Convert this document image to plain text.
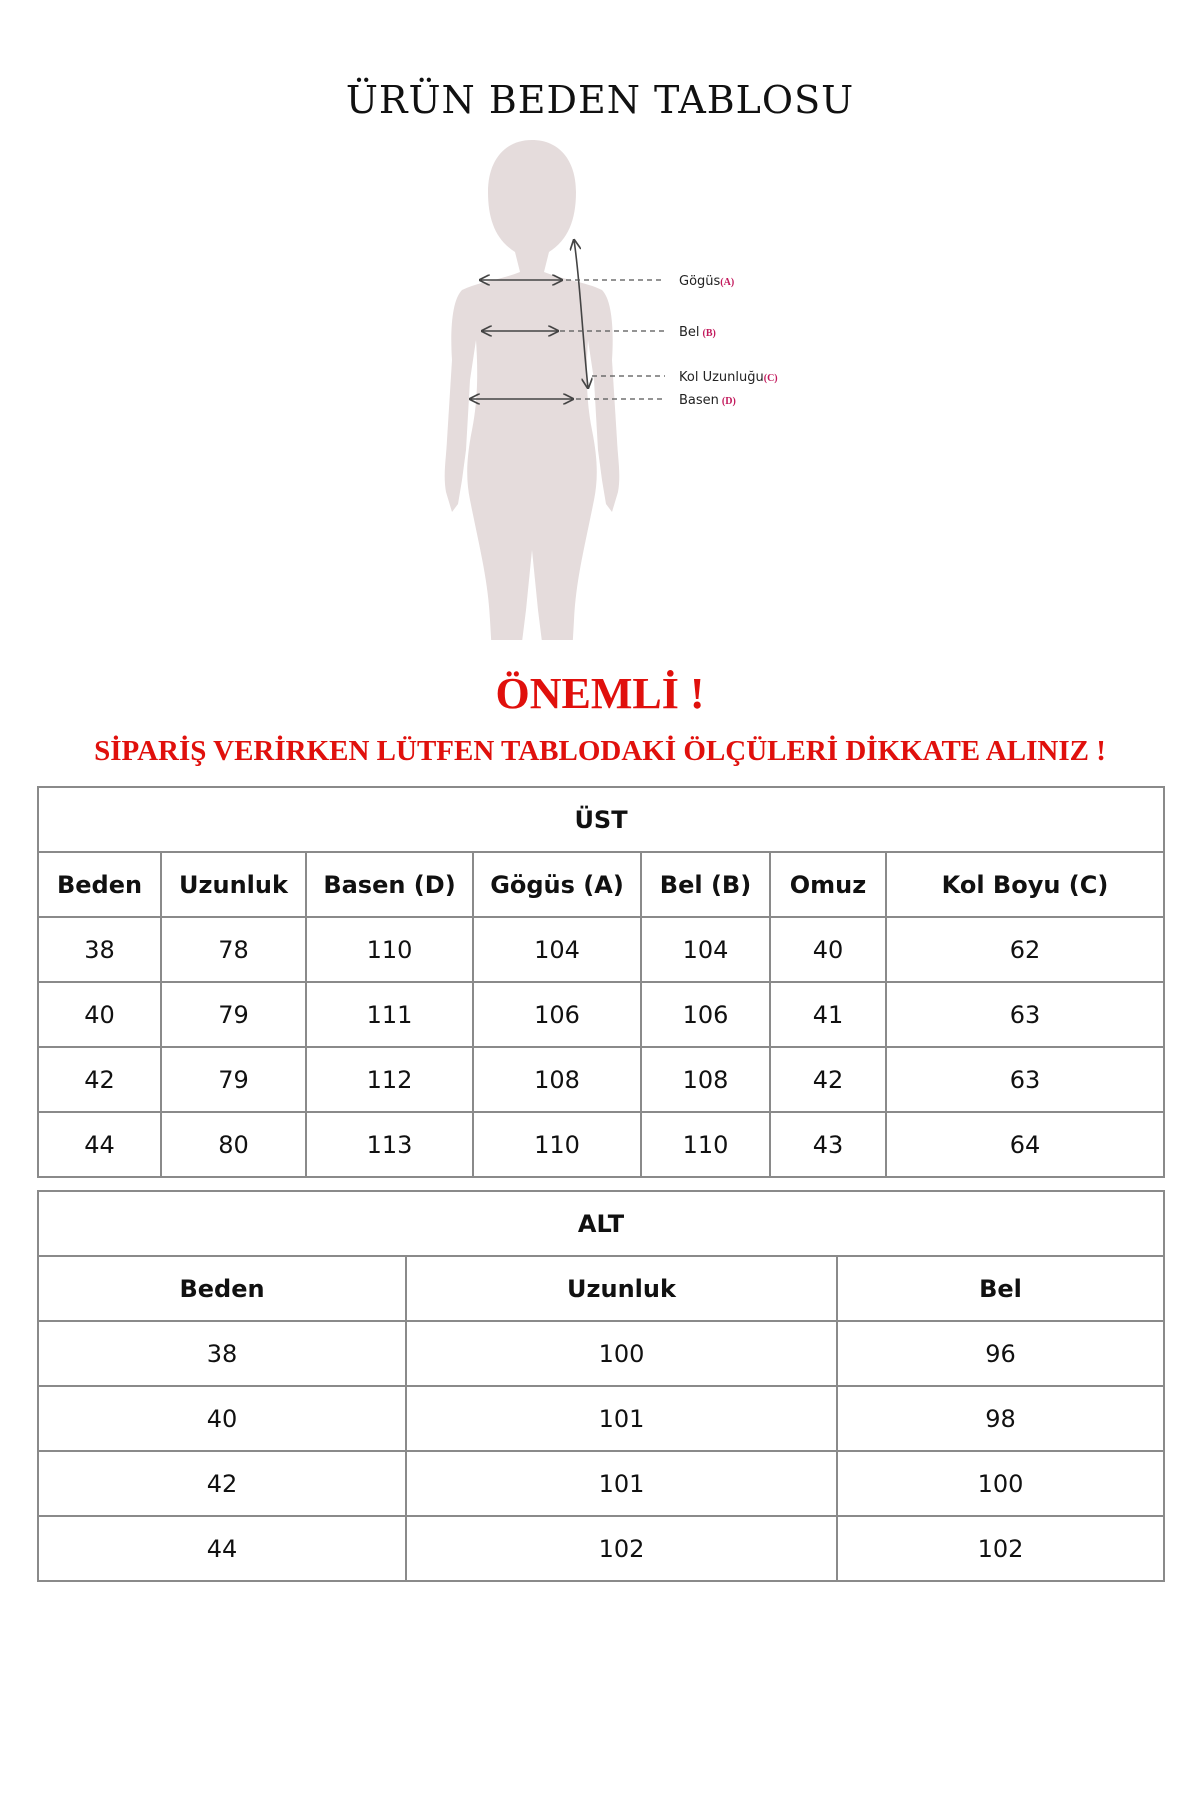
ÜRÜN BEDEN TABLOSU
Gögüs(A)
Bel (B)
Kol Uzunluğu(C)
Basen (D)
ÖNEMLİ !
SİPARİŞ VERİRKEN LÜTFEN TABLODAKİ ÖLÇÜLERİ DİKKATE ALINIZ !
ÜST						
Beden	Uzunluk	Basen (D)	Gögüs (A)	Bel (B)	Omuz	Kol Boyu (C)
38	78	110	104	104	40	62
40	79	111	106	106	41	63
42	79	112	108	108	42	63
44	80	113	110	110	43	64
ALT		
Beden	Uzunluk	Bel
38	100	96
40	101	98
42	101	100
44	102	102
